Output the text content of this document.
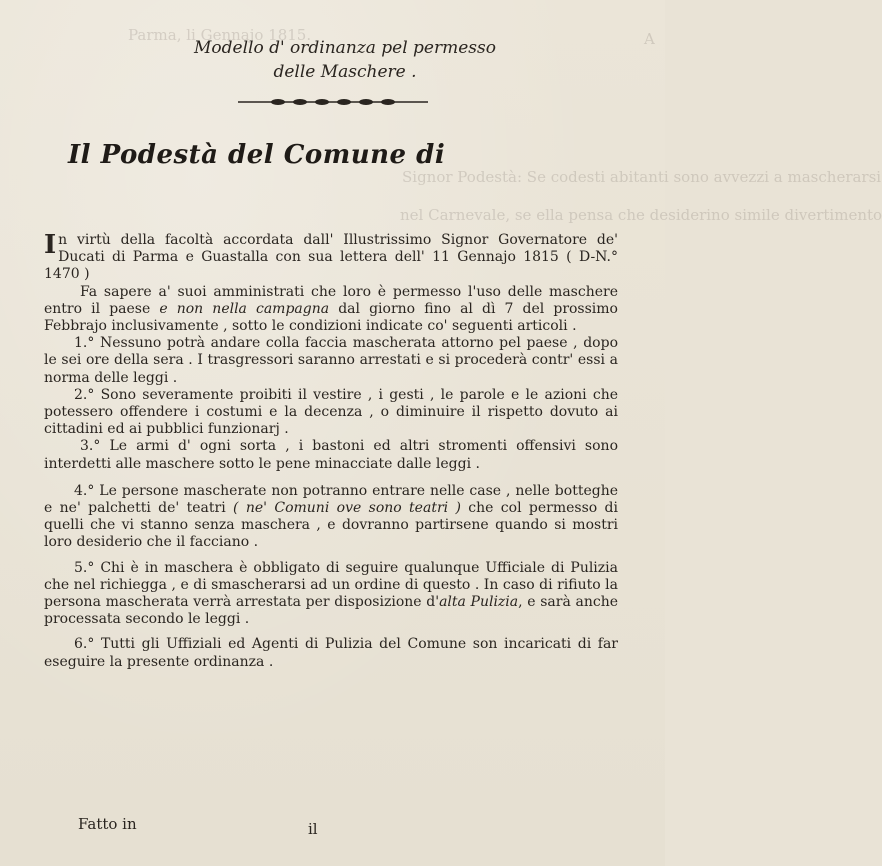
Parma, li Gennajo 1815.	A
Signor Podestà: Se codesti abitanti sono avvezzi a mascherarsi
nel Carnevale, se ella pensa che desiderino simile divertimento
Modello d' ordinanza pel permesso
delle Maschere .
Il Podestà del Comune di

In virtù della facoltà accordata dall' Illustrissimo Signor Governatore de' Ducati di Parma e Guastalla con sua lettera dell' 11 Gennajo 1815 ( D-N.° 1470 )

Fa sapere a' suoi amministrati che loro è permesso l'uso delle maschere entro il paese e non nella campagna dal giorno fino al dì 7 del prossimo Febbrajo inclusivamente , sotto le condizioni indicate co' seguenti articoli .

1.° Nessuno potrà andare colla faccia mascherata attorno pel paese , dopo le sei ore della sera . I trasgressori saranno arrestati e si procederà contr' essi a norma delle leggi .

2.° Sono severamente proibiti il vestire , i gesti , le parole e le azioni che potessero offendere i costumi e la decenza , o diminuire il rispetto dovuto ai cittadini ed ai pubblici funzionarj .

3.° Le armi d' ogni sorta , i bastoni ed altri stromenti offensivi sono interdetti alle maschere sotto le pene minacciate dalle leggi .

4.° Le persone mascherate non potranno entrare nelle case , nelle botteghe e ne' palchetti de' teatri ( ne' Comuni ove sono teatri ) che col permesso di quelli che vi stanno senza maschera , e dovranno partirsene quando si mostri loro desiderio che il facciano .

5.° Chi è in maschera è obbligato di seguire qualunque Ufficiale di Pulizia che nel richiegga , e di smascherarsi ad un ordine di questo . In caso di rifiuto la persona mascherata verrà arrestata per disposizione d'alta Pulizia, e sarà anche processata secondo le leggi .

6.° Tutti gli Uffiziali ed Agenti di Pulizia del Comune son incaricati di far eseguire la presente ordinanza .

Fatto in	il
